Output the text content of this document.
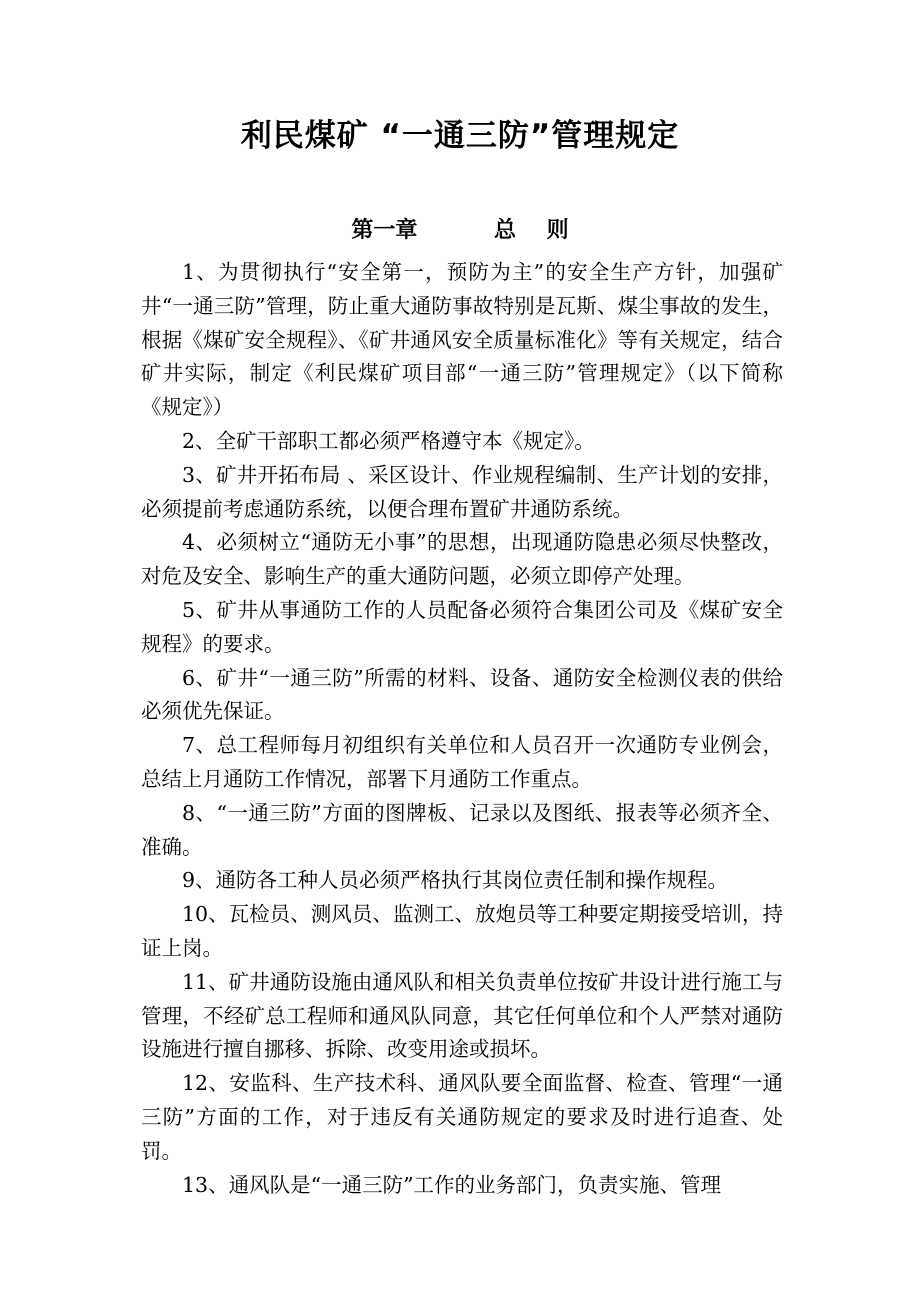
利民煤矿 “一通三防”管理规定
第一章          总    则

1、为贯彻执行“安全第一，预防为主”的安全生产方针，加强矿井“一通三防”管理，防止重大通防事故特别是瓦斯、煤尘事故的发生，根据《煤矿安全规程》、《矿井通风安全质量标准化》等有关规定，结合矿井实际，制定《利民煤矿项目部“一通三防”管理规定》（以下简称《规定》）

2、全矿干部职工都必须严格遵守本《规定》。

3、矿井开拓布局 、采区设计、作业规程编制、生产计划的安排，必须提前考虑通防系统，以便合理布置矿井通防系统。

4、必须树立“通防无小事”的思想，出现通防隐患必须尽快整改，对危及安全、影响生产的重大通防问题，必须立即停产处理。

5、矿井从事通防工作的人员配备必须符合集团公司及《煤矿安全规程》的要求。

6、矿井“一通三防”所需的材料、设备、通防安全检测仪表的供给必须优先保证。

7、总工程师每月初组织有关单位和人员召开一次通防专业例会，总结上月通防工作情况，部署下月通防工作重点。

8、“一通三防”方面的图牌板、记录以及图纸、报表等必须齐全、准确。

9、通防各工种人员必须严格执行其岗位责任制和操作规程。

10、瓦检员、测风员、监测工、放炮员等工种要定期接受培训，持证上岗。

11、矿井通防设施由通风队和相关负责单位按矿井设计进行施工与管理，不经矿总工程师和通风队同意，其它任何单位和个人严禁对通防设施进行擅自挪移、拆除、改变用途或损坏。

12、安监科、生产技术科、通风队要全面监督、检查、管理“一通三防”方面的工作，对于违反有关通防规定的要求及时进行追查、处罚。

13、通风队是“一通三防”工作的业务部门，负责实施、管理
